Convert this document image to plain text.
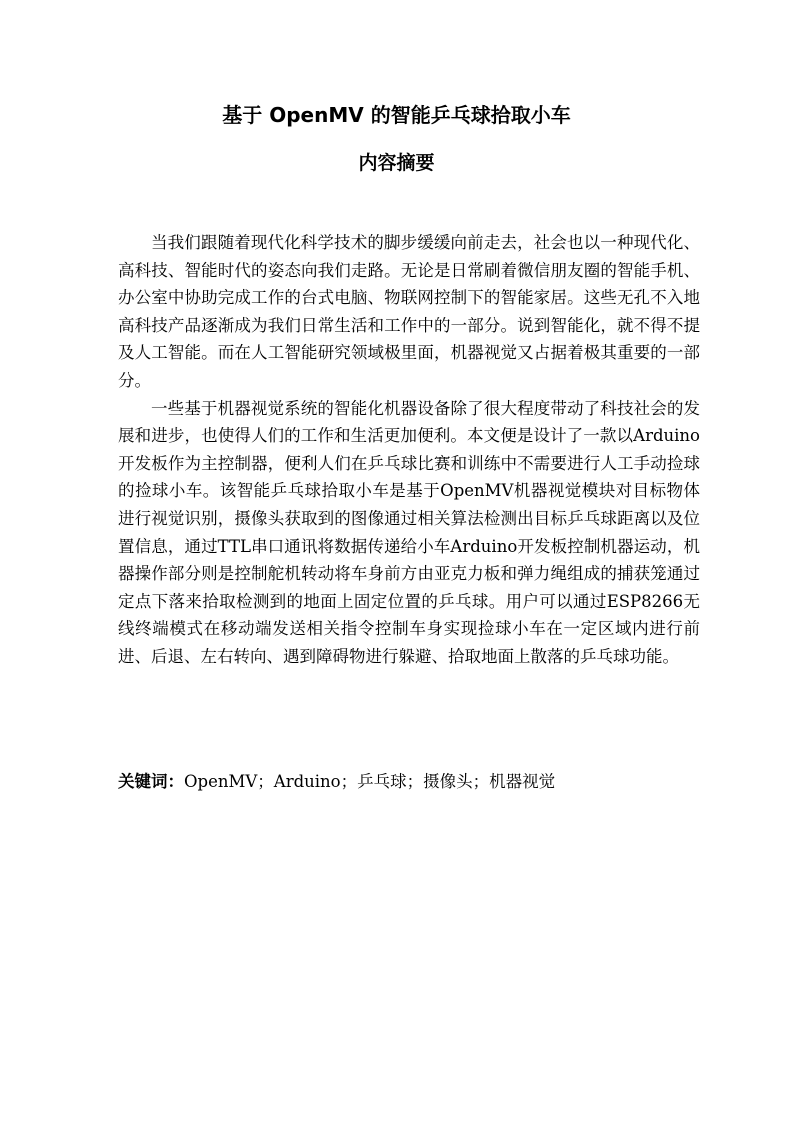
基于 OpenMV 的智能乒乓球拾取小车
内容摘要

当我们跟随着现代化科学技术的脚步缓缓向前走去，社会也以一种现代化、高科技、智能时代的姿态向我们走路。无论是日常刷着微信朋友圈的智能手机、办公室中协助完成工作的台式电脑、物联网控制下的智能家居。这些无孔不入地高科技产品逐渐成为我们日常生活和工作中的一部分。说到智能化，就不得不提及人工智能。而在人工智能研究领域极里面，机器视觉又占据着极其重要的一部分。

一些基于机器视觉系统的智能化机器设备除了很大程度带动了科技社会的发展和进步，也使得人们的工作和生活更加便利。本文便是设计了一款以Arduino开发板作为主控制器，便利人们在乒乓球比赛和训练中不需要进行人工手动捡球的捡球小车。该智能乒乓球拾取小车是基于OpenMV机器视觉模块对目标物体进行视觉识别，摄像头获取到的图像通过相关算法检测出目标乒乓球距离以及位置信息，通过TTL串口通讯将数据传递给小车Arduino开发板控制机器运动，机器操作部分则是控制舵机转动将车身前方由亚克力板和弹力绳组成的捕获笼通过定点下落来拾取检测到的地面上固定位置的乒乓球。用户可以通过ESP8266无线终端模式在移动端发送相关指令控制车身实现捡球小车在一定区域内进行前进、后退、左右转向、遇到障碍物进行躲避、拾取地面上散落的乒乓球功能。

关键词：OpenMV；Arduino；乒乓球；摄像头；机器视觉
